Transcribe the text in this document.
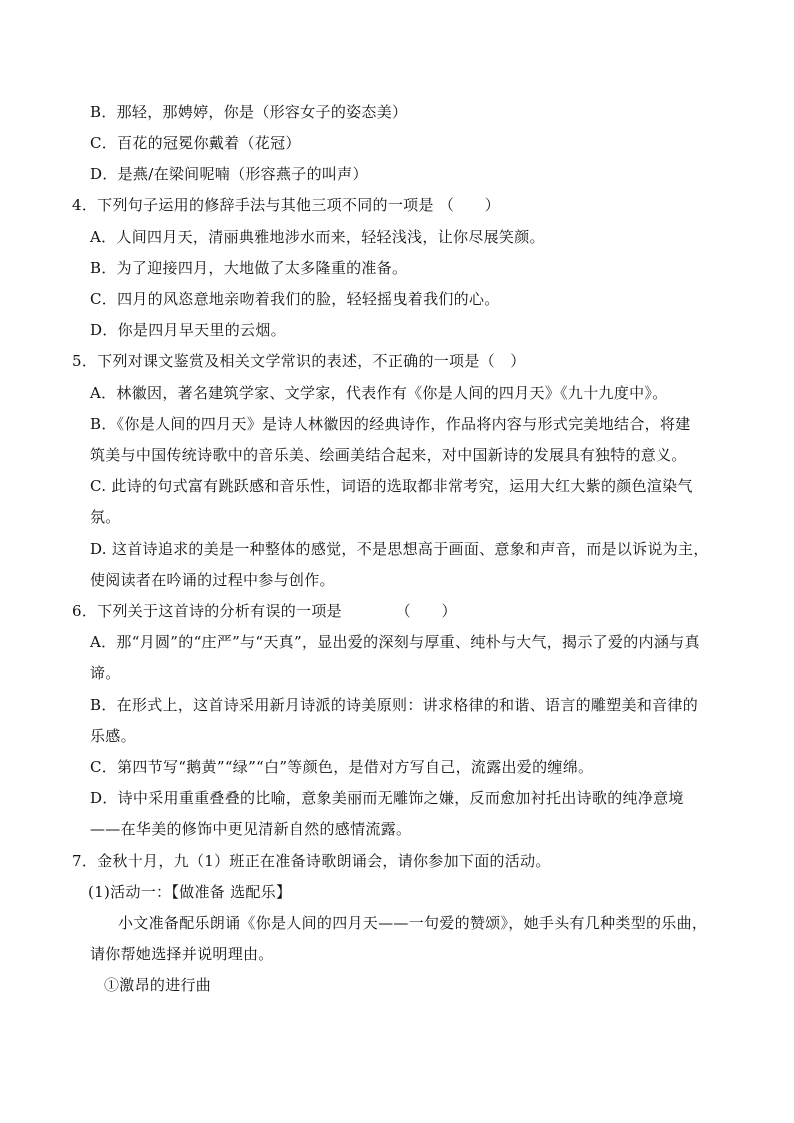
B．那轻，那娉婷，你是（形容女子的姿态美）
C．百花的冠冕你戴着（花冠）
D．是燕/在梁间呢喃（形容燕子的叫声）
4．下列句子运用的修辞手法与其他三项不同的一项是 （　　）
A．人间四月天，清丽典雅地涉水而来，轻轻浅浅，让你尽展笑颜。
B．为了迎接四月，大地做了太多隆重的准备。
C．四月的风恣意地亲吻着我们的脸，轻轻摇曳着我们的心。
D．你是四月早天里的云烟。
5．下列对课文鉴赏及相关文学常识的表述，不正确的一项是（　）
A．林徽因，著名建筑学家、文学家，代表作有《你是人间的四月天》《九十九度中》。
B．《你是人间的四月天》是诗人林徽因的经典诗作，作品将内容与形式完美地结合，将建
筑美与中国传统诗歌中的音乐美、绘画美结合起来，对中国新诗的发展具有独特的意义。
C. 此诗的句式富有跳跃感和音乐性，词语的选取都非常考究，运用大红大紫的颜色渲染气
氛。
D. 这首诗追求的美是一种整体的感觉，不是思想高于画面、意象和声音，而是以诉说为主，
使阅读者在吟诵的过程中参与创作。
6．下列关于这首诗的分析有误的一项是　　　　（　　）
A．那“月圆”的“庄严”与“天真”，显出爱的深刻与厚重、纯朴与大气，揭示了爱的内涵与真
谛。
B．在形式上，这首诗采用新月诗派的诗美原则：讲求格律的和谐、语言的雕塑美和音律的
乐感。
C．第四节写“鹅黄”“绿”“白”等颜色，是借对方写自己，流露出爱的缠绵。
D．诗中采用重重叠叠的比喻，意象美丽而无雕饰之嫌，反而愈加衬托出诗歌的纯净意境
——在华美的修饰中更见清新自然的感情流露。
7．金秋十月，九（1）班正在准备诗歌朗诵会，请你参加下面的活动。
(1)活动一：【做准备 选配乐】
小文准备配乐朗诵《你是人间的四月天——一句爱的赞颂》，她手头有几种类型的乐曲，
请你帮她选择并说明理由。
①激昂的进行曲
